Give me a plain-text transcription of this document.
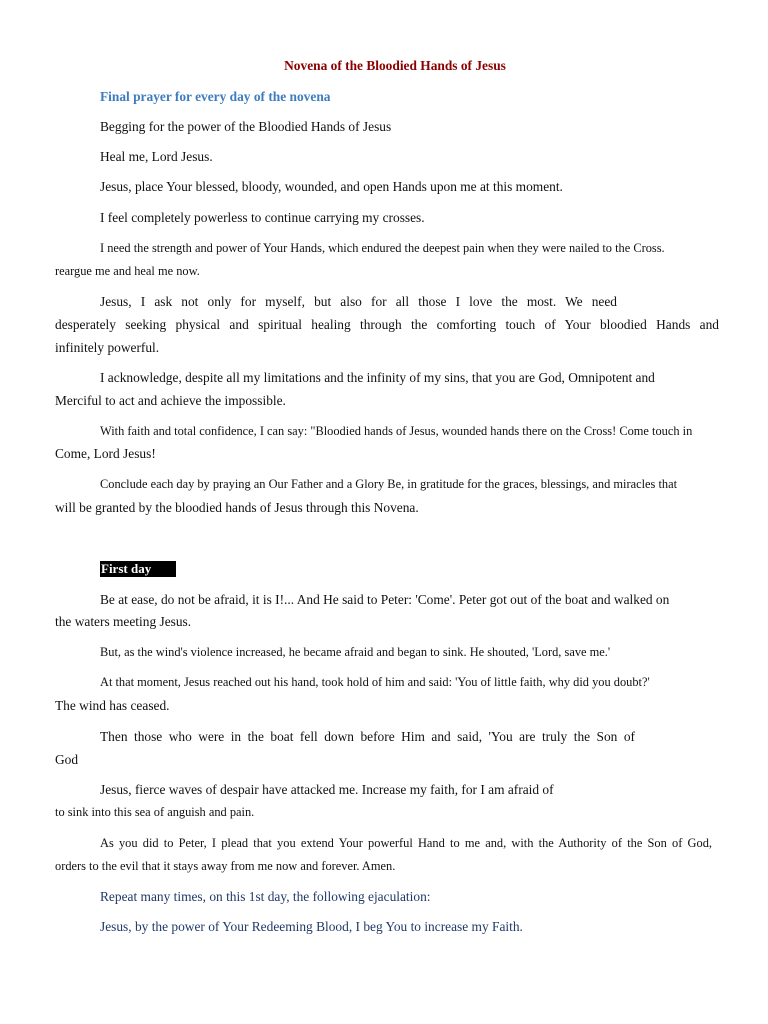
Novena of the Bloodied Hands of Jesus
Final prayer for every day of the novena
Begging for the power of the Bloodied Hands of Jesus
Heal me, Lord Jesus.
Jesus, place Your blessed, bloody, wounded, and open Hands upon me at this moment.
I feel completely powerless to continue carrying my crosses.
I need the strength and power of Your Hands, which endured the deepest pain when they were nailed to the Cross.
reargue me and heal me now.
Jesus, I ask not only for myself, but also for all those I love the most. We need
desperately seeking physical and spiritual healing through the comforting touch of Your bloodied Hands and
infinitely powerful.
I acknowledge, despite all my limitations and the infinity of my sins, that you are God, Omnipotent and
Merciful to act and achieve the impossible.
With faith and total confidence, I can say: "Bloodied hands of Jesus, wounded hands there on the Cross! Come touch in
Come, Lord Jesus!
Conclude each day by praying an Our Father and a Glory Be, in gratitude for the graces, blessings, and miracles that
will be granted by the bloodied hands of Jesus through this Novena.
First day
Be at ease, do not be afraid, it is I!... And He said to Peter: 'Come'. Peter got out of the boat and walked on
the waters meeting Jesus.
But, as the wind's violence increased, he became afraid and began to sink. He shouted, 'Lord, save me.'
At that moment, Jesus reached out his hand, took hold of him and said: 'You of little faith, why did you doubt?'
The wind has ceased.
Then those who were in the boat fell down before Him and said, 'You are truly the Son of
God
Jesus, fierce waves of despair have attacked me. Increase my faith, for I am afraid of
to sink into this sea of anguish and pain.
As you did to Peter, I plead that you extend Your powerful Hand to me and, with the Authority of the Son of God,
orders to the evil that it stays away from me now and forever. Amen.
Repeat many times, on this 1st day, the following ejaculation:
Jesus, by the power of Your Redeeming Blood, I beg You to increase my Faith.
